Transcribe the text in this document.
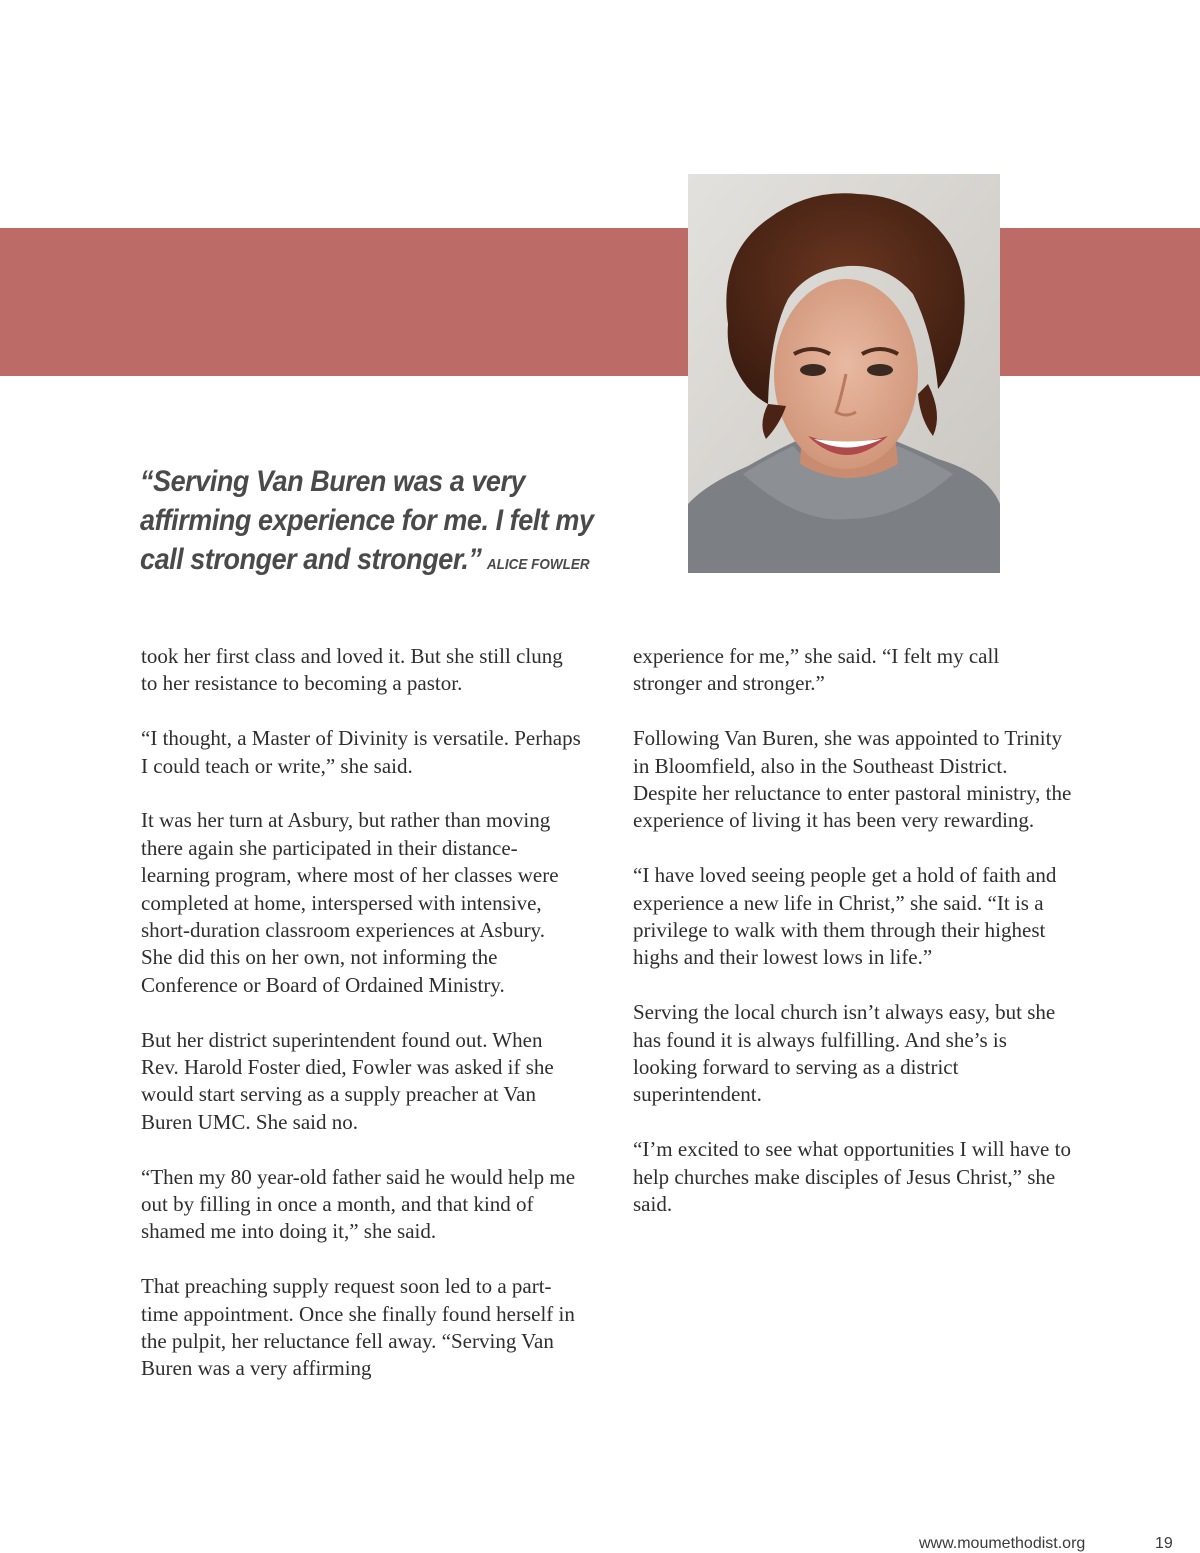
“Serving Van Buren was a very affirming experience for me. I felt my call stronger and stronger.” ALICE FOWLER

took her first class and loved it. But she still clung to her resistance to becoming a pastor.

“I thought, a Master of Divinity is versatile. Perhaps I could teach or write,” she said.

It was her turn at Asbury, but rather than moving there again she participated in their distance-learning program, where most of her classes were completed at home, interspersed with intensive, short-duration classroom experiences at Asbury. She did this on her own, not informing the Conference or Board of Ordained Ministry.

But her district superintendent found out. When Rev. Harold Foster died, Fowler was asked if she would start serving as a supply preacher at Van Buren UMC. She said no.

“Then my 80 year-old father said he would help me out by filling in once a month, and that kind of shamed me into doing it,” she said.

That preaching supply request soon led to a part-time appointment. Once she finally found herself in the pulpit, her reluctance fell away. “Serving Van Buren was a very affirming

experience for me,” she said. “I felt my call stronger and stronger.”

Following Van Buren, she was appointed to Trinity in Bloomfield, also in the Southeast District. Despite her reluctance to enter pastoral ministry, the experience of living it has been very rewarding.

“I have loved seeing people get a hold of faith and experience a new life in Christ,” she said. “It is a privilege to walk with them through their highest highs and their lowest lows in life.”

Serving the local church isn’t always easy, but she has found it is always fulfilling. And she’s is looking forward to serving as a district superintendent.

“I’m excited to see what opportunities I will have to help churches make disciples of Jesus Christ,” she said.

www.moumethodist.org	19
